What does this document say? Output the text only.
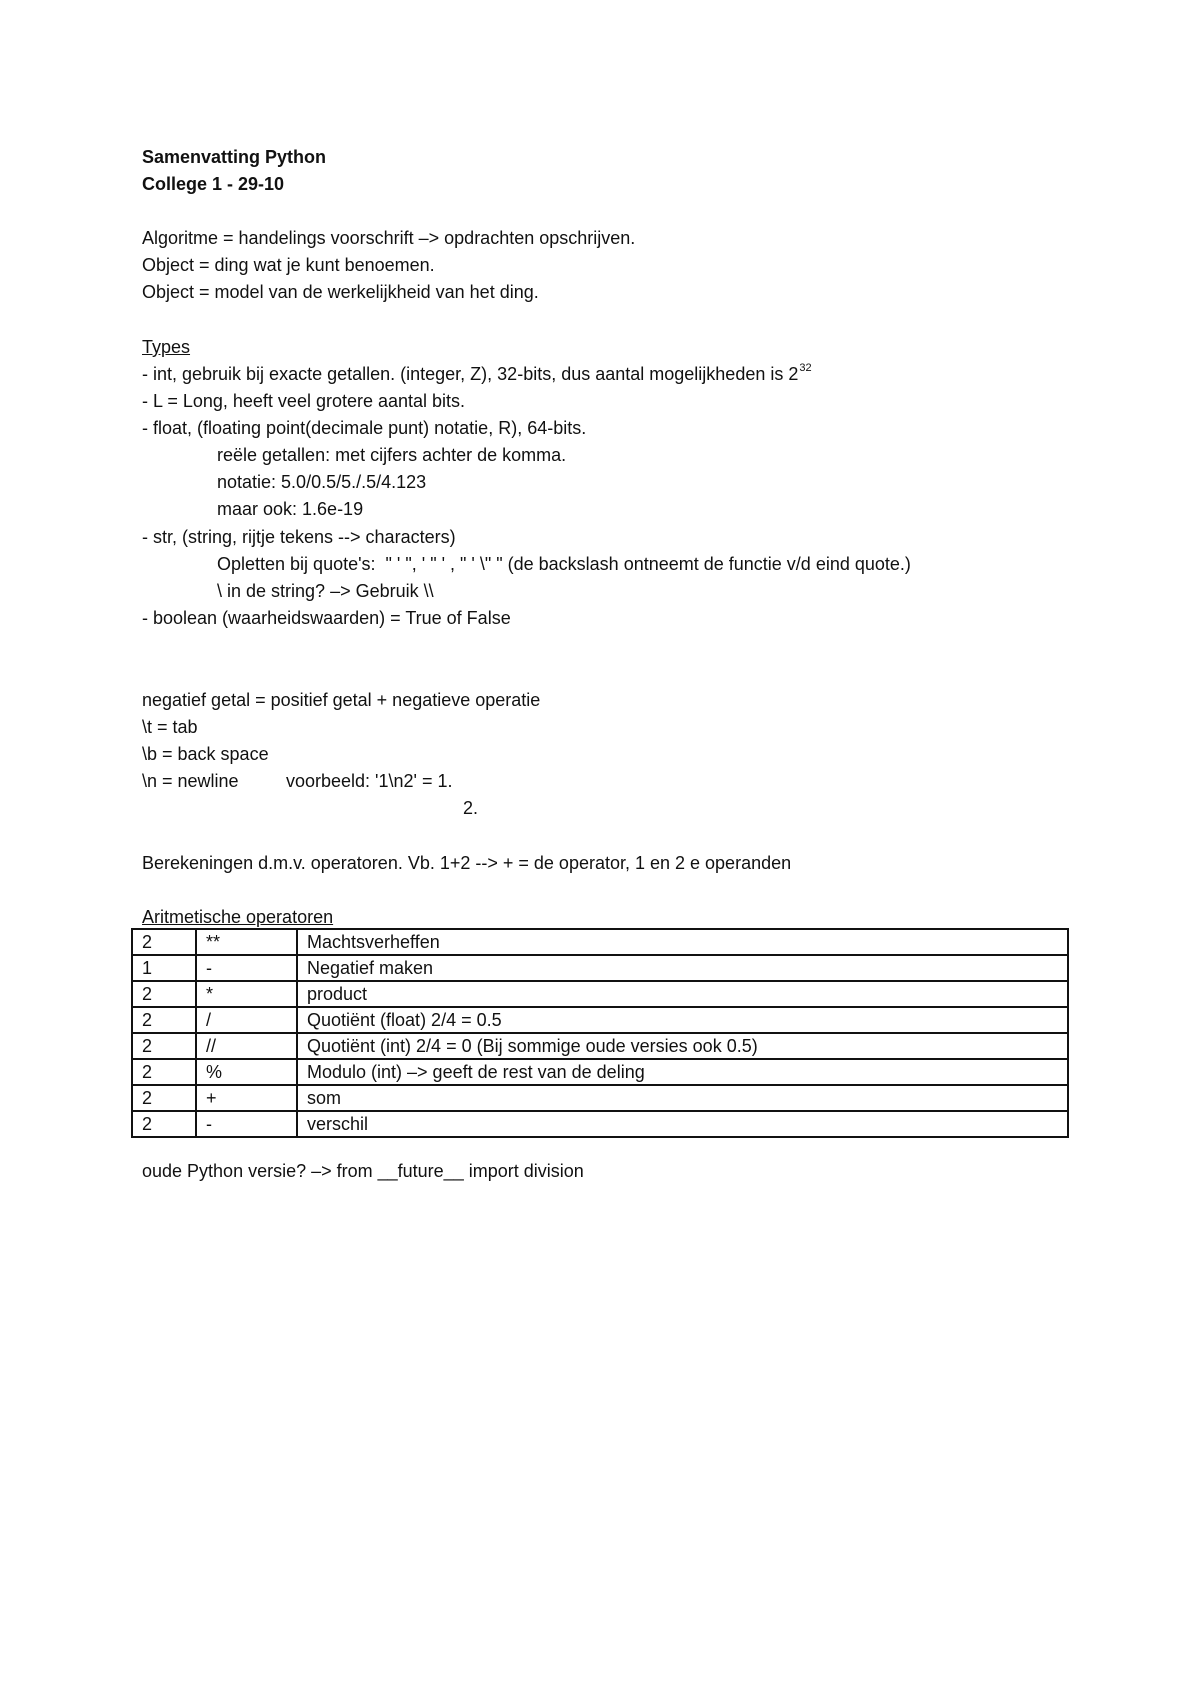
Samenvatting Python
College 1 - 29-10
Algoritme = handelings voorschrift –> opdrachten opschrijven.
Object = ding wat je kunt benoemen.
Object = model van de werkelijkheid van het ding.
Types
- int, gebruik bij exacte getallen. (integer, Z), 32-bits, dus aantal mogelijkheden is $2^{32}$
- L = Long, heeft veel grotere aantal bits.
- float, (floating point(decimale punt) notatie, R), 64-bits.
reële getallen: met cijfers achter de komma.
notatie: 5.0/0.5/5./.5/4.123
maar ook: 1.6e-19
- str, (string, rijtje tekens --> characters)
Opletten bij quote's:  " ' ", ' " ' , " ' \" " (de backslash ontneemt de functie v/d eind quote.)
\ in de string? –> Gebruik \\
- boolean (waarheidswaarden) = True of False
negatief getal = positief getal + negatieve operatie
\t = tab
\b = back space
\n = newline	voorbeeld: '1\n2' = 1.
2.
Berekeningen d.m.v. operatoren. Vb. 1+2 --> + = de operator, 1 en 2 e operanden
Aritmetische operatoren
2	**	Machtsverheffen
1	-	Negatief maken
2	*	product
2	/	Quotiënt (float) 2/4 = 0.5
2	//	Quotiënt (int) 2/4 = 0 (Bij sommige oude versies ook 0.5)
2	%	Modulo (int) –> geeft de rest van de deling
2	+	som
2	-	verschil
oude Python versie? –> from __future__ import division
